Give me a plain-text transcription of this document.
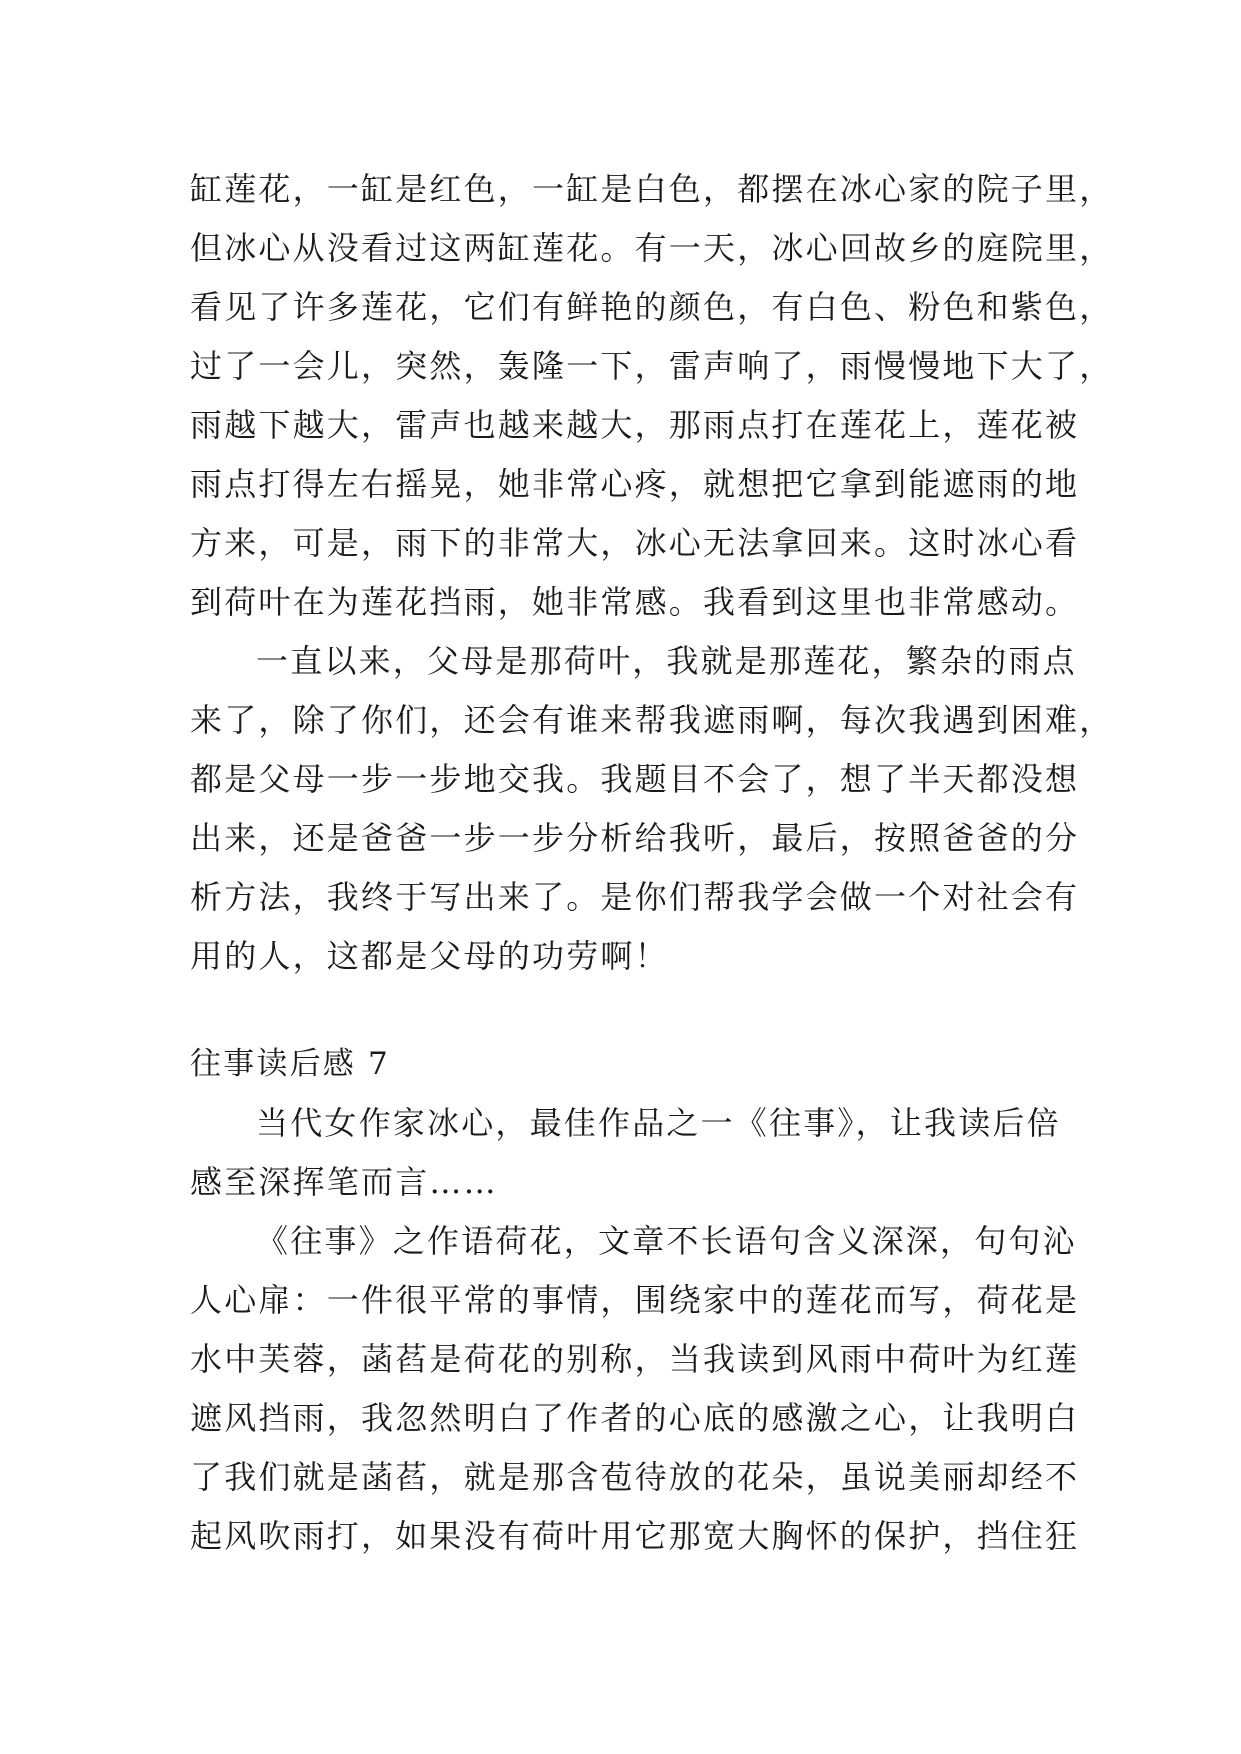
缸莲花，一缸是红色，一缸是白色，都摆在冰心家的院子里，
但冰心从没看过这两缸莲花。有一天，冰心回故乡的庭院里，
看见了许多莲花，它们有鲜艳的颜色，有白色、粉色和紫色，
过了一会儿，突然，轰隆一下，雷声响了，雨慢慢地下大了，
雨越下越大，雷声也越来越大，那雨点打在莲花上，莲花被
雨点打得左右摇晃，她非常心疼，就想把它拿到能遮雨的地
方来，可是，雨下的非常大，冰心无法拿回来。这时冰心看
到荷叶在为莲花挡雨，她非常感。我看到这里也非常感动。
一直以来，父母是那荷叶，我就是那莲花，繁杂的雨点
来了，除了你们，还会有谁来帮我遮雨啊，每次我遇到困难，
都是父母一步一步地交我。我题目不会了，想了半天都没想
出来，还是爸爸一步一步分析给我听，最后，按照爸爸的分
析方法，我终于写出来了。是你们帮我学会做一个对社会有
用的人，这都是父母的功劳啊！
往事读后感 7
当代女作家冰心，最佳作品之一《往事》，让我读后倍
感至深挥笔而言……
《往事》之作语荷花，文章不长语句含义深深，句句沁
人心扉：一件很平常的事情，围绕家中的莲花而写，荷花是
水中芙蓉，菡萏是荷花的别称，当我读到风雨中荷叶为红莲
遮风挡雨，我忽然明白了作者的心底的感激之心，让我明白
了我们就是菡萏，就是那含苞待放的花朵，虽说美丽却经不
起风吹雨打，如果没有荷叶用它那宽大胸怀的保护，挡住狂
